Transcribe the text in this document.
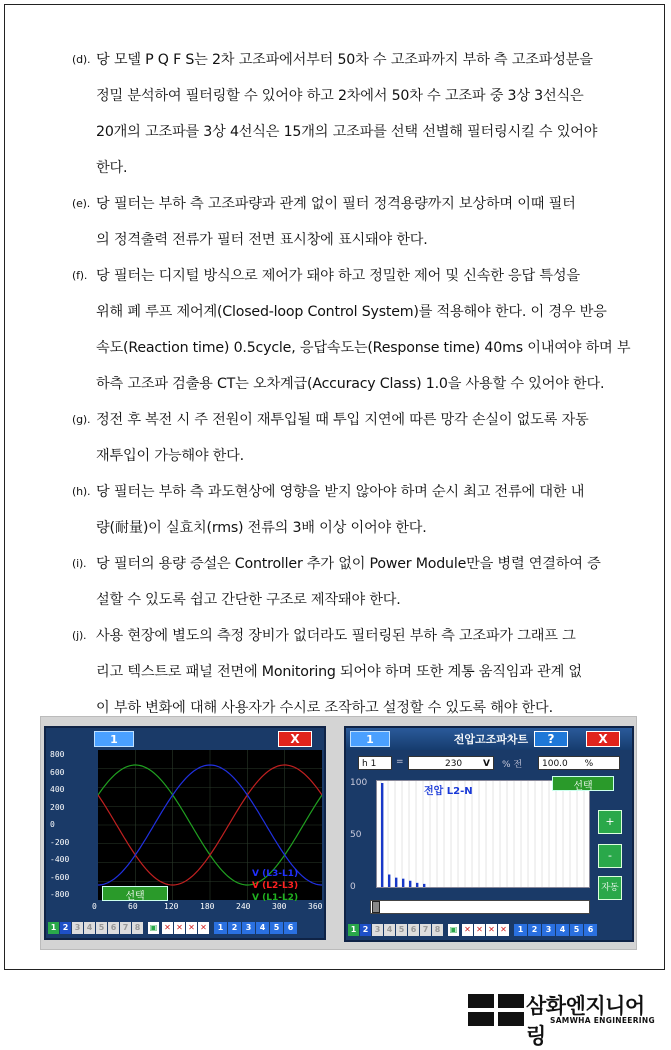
(d). 당 모델 P Q F S는 2차 고조파에서부터 50차 수 고조파까지 부하 측 고조파성분을
정밀 분석하여 필터링할 수 있어야 하고 2차에서 50차 수 고조파 중 3상 3선식은
20개의 고조파를 3상 4선식은 15개의 고조파를 선택 선별해 필터링시킬 수 있어야
한다.
(e). 당 필터는 부하 측 고조파량과 관계 없이 필터 정격용량까지 보상하며 이때 필터
의 정격출력 전류가 필터 전면 표시창에 표시돼야 한다.
(f). 당 필터는 디지털 방식으로 제어가 돼야 하고 정밀한 제어 및 신속한 응답 특성을
위해 폐 루프 제어계(Closed-loop Control System)를 적용해야 한다. 이 경우 반응
속도(Reaction time) 0.5cycle, 응답속도는(Response time) 40ms 이내여야 하며 부
하측 고조파 검출용 CT는 오차계급(Accuracy Class) 1.0을 사용할 수 있어야 한다.
(g). 정전 후 복전 시 주 전원이 재투입될 때 투입 지연에 따른 망각 손실이 없도록 자동
재투입이 가능해야 한다.
(h). 당 필터는 부하 측 과도현상에 영향을 받지 않아야 하며 순시 최고 전류에 대한 내
량(耐量)이 실효치(rms) 전류의 3배 이상 이어야 한다.
(i). 당 필터의 용량 증설은 Controller 추가 없이 Power Module만을 병렬 연결하여 증
설할 수 있도록 쉽고 간단한 구조로 제작돼야 한다.
(j). 사용 현장에 별도의 측정 장비가 없더라도 필터링된 부하 측 고조파가 그래프 그
리고 텍스트로 패널 전면에 Monitoring 되어야 하며 또한 계통 움직임과 관계 없
이 부하 변화에 대해 사용자가 수시로 조작하고 설정할 수 있도록 해야 한다.
1	X
800
600
400
200
0
-200
-400
-600
-800
0	60	120	180	240	300	360
선택
V (L3-L1)
V (L2-L3)
V (L1-L2)
1 2 3 4 5 6 7 8	▣ ✕ ✕ ✕ ✕	1	2	3	4	5	6
1	전압고조파차트	?	X
h 1	=	230 V	% 전	100.0 %
100
50
0
전압 L2-N	선택
+
-
자동
1 2 3 4 5 6 7 8	▣ ✕ ✕ ✕ ✕	1	2	3	4	5	6
삼화엔지니어링
SAMWHA ENGINEERING
